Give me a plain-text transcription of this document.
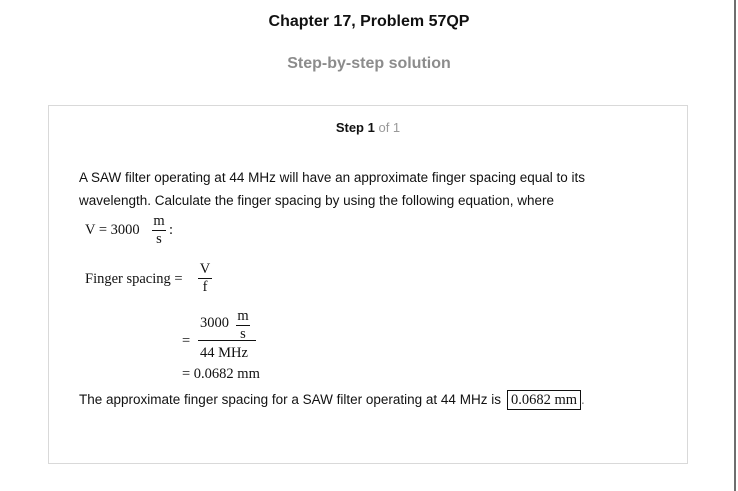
Chapter 17, Problem 57QP
Step-by-step solution
Step 1 of 1
A SAW filter operating at 44 MHz will have an approximate finger spacing equal to its wavelength. Calculate the finger spacing by using the following equation, where
$V = 3000 \frac{m}{s}$ :
Finger spacing = $\frac{V}{f}$
=
$3000 \frac{m}{s}$
44 MHz
= 0.0682 mm
The approximate finger spacing for a SAW filter operating at 44 MHz is 0.0682 mm .
